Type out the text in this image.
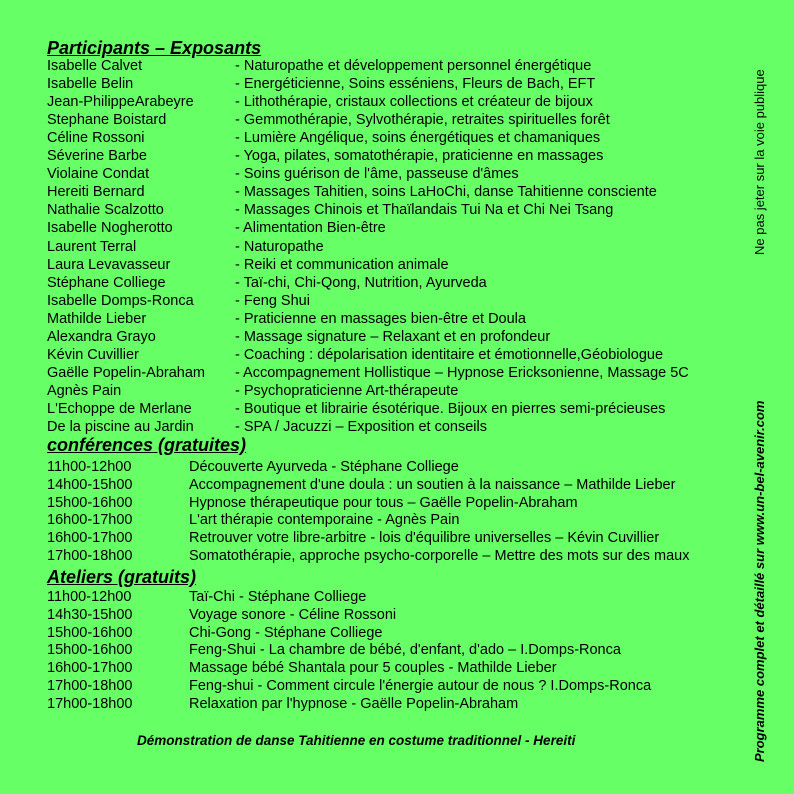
Participants – Exposants
Isabelle Calvet	- Naturopathe et développement personnel énergétique
Isabelle Belin	- Energéticienne, Soins esséniens, Fleurs de Bach, EFT
Jean-PhilippeArabeyre	- Lithothérapie, cristaux collections et créateur de bijoux
Stephane Boistard	- Gemmothérapie, Sylvothérapie, retraites spirituelles forêt
Céline Rossoni	- Lumière Angélique, soins énergétiques et chamaniques
Séverine Barbe	- Yoga, pilates, somatothérapie, praticienne en massages
Violaine Condat	- Soins guérison de l'âme, passeuse d'âmes
Hereiti Bernard	- Massages Tahitien, soins LaHoChi, danse Tahitienne consciente
Nathalie Scalzotto	- Massages Chinois et Thaïlandais Tui Na et Chi Nei Tsang
Isabelle Nogherotto	- Alimentation Bien-être
Laurent Terral	- Naturopathe
Laura Levavasseur	- Reiki et communication animale
Stéphane Colliege	- Taï-chi, Chi-Qong, Nutrition, Ayurveda
Isabelle Domps-Ronca	- Feng Shui
Mathilde Lieber	- Praticienne en massages bien-être et Doula
Alexandra Grayo	- Massage signature – Relaxant et en profondeur
Kévin Cuvillier	- Coaching : dépolarisation identitaire et émotionnelle,Géobiologue
Gaëlle Popelin-Abraham - Accompagnement Hollistique – Hypnose Ericksonienne, Massage 5C
Agnès Pain	- Psychopraticienne Art-thérapeute
L'Echoppe de Merlane	- Boutique et librairie ésotérique. Bijoux en pierres semi-précieuses
De la piscine au Jardin	- SPA / Jacuzzi – Exposition et conseils
conférences (gratuites)
11h00-12h00	Découverte Ayurveda - Stéphane Colliege
14h00-15h00	Accompagnement d'une doula : un soutien à la naissance – Mathilde Lieber
15h00-16h00	Hypnose thérapeutique pour tous – Gaëlle Popelin-Abraham
16h00-17h00	L'art thérapie contemporaine - Agnès Pain
16h00-17h00	Retrouver votre libre-arbitre - lois d'équilibre universelles – Kévin Cuvillier
17h00-18h00	Somatothérapie, approche psycho-corporelle – Mettre des mots sur des maux
Ateliers (gratuits)
11h00-12h00	Taï-Chi - Stéphane Colliege
14h30-15h00	Voyage sonore - Céline Rossoni
15h00-16h00	Chi-Gong - Stéphane Colliege
15h00-16h00	Feng-Shui - La chambre de bébé, d'enfant, d'ado – I.Domps-Ronca
16h00-17h00	Massage bébé Shantala pour 5 couples - Mathilde Lieber
17h00-18h00	Feng-shui - Comment circule l'énergie autour de nous ? I.Domps-Ronca
17h00-18h00	Relaxation par l'hypnose - Gaëlle Popelin-Abraham
Démonstration de danse Tahitienne en costume traditionnel - Hereiti
Ne pas jeter sur la voie publique
Programme complet et détaillé sur www.un-bel-avenir.com
